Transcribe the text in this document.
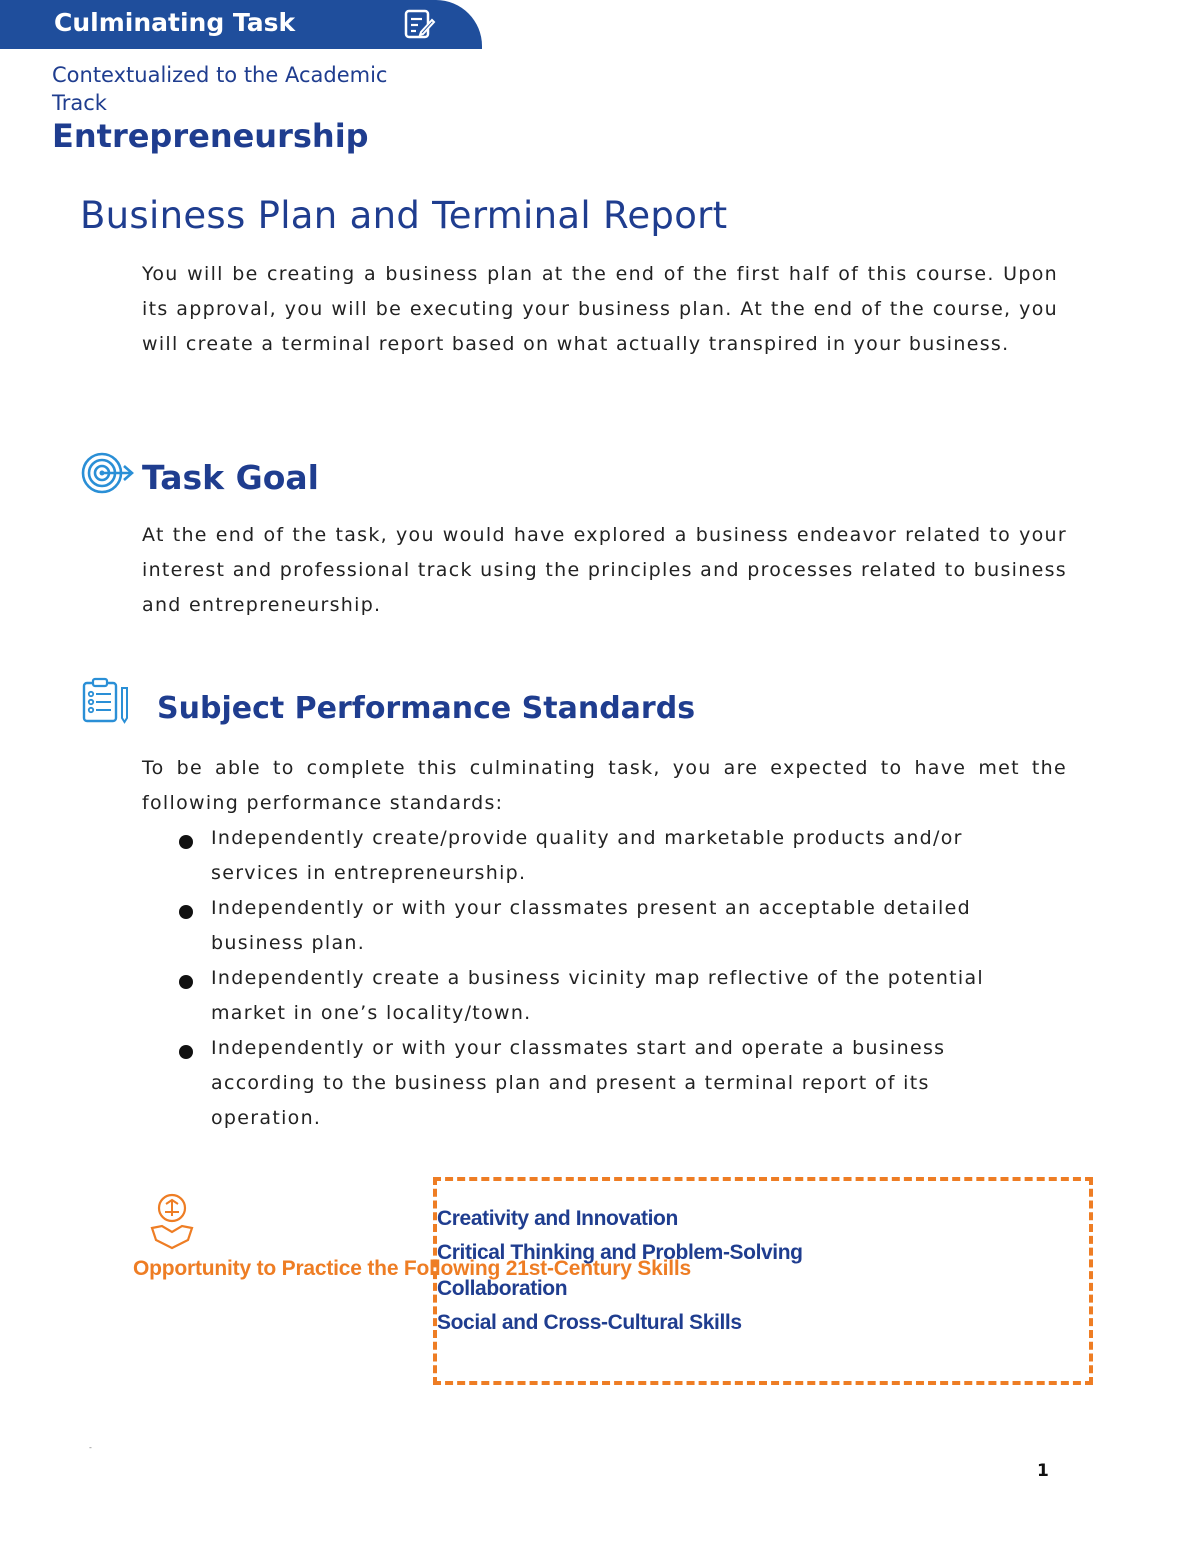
Culminating Task
Contextualized to the Academic Track
Entrepreneurship
Business Plan and Terminal Report
You will be creating a business plan at the end of the first half of this course. Upon its approval, you will be executing your business plan. At the end of the course, you will create a terminal report based on what actually transpired in your business.
Task Goal
At the end of the task, you would have explored a business endeavor related to your interest and professional track using the principles and processes related to business and entrepreneurship.
Subject Performance Standards
To be able to complete this culminating task, you are expected to have met the following performance standards:
Independently create/provide quality and marketable products and/or services in entrepreneurship.
Independently or with your classmates present an acceptable detailed business plan.
Independently create a business vicinity map reflective of the potential market in one’s locality/town.
Independently or with your classmates start and operate a business according to the business plan and present a terminal report of its operation.
Opportunity to Practice the Following 21st-Century Skills
Creativity and Innovation
Critical Thinking and Problem-Solving
Collaboration
Social and Cross-Cultural Skills
-
1
